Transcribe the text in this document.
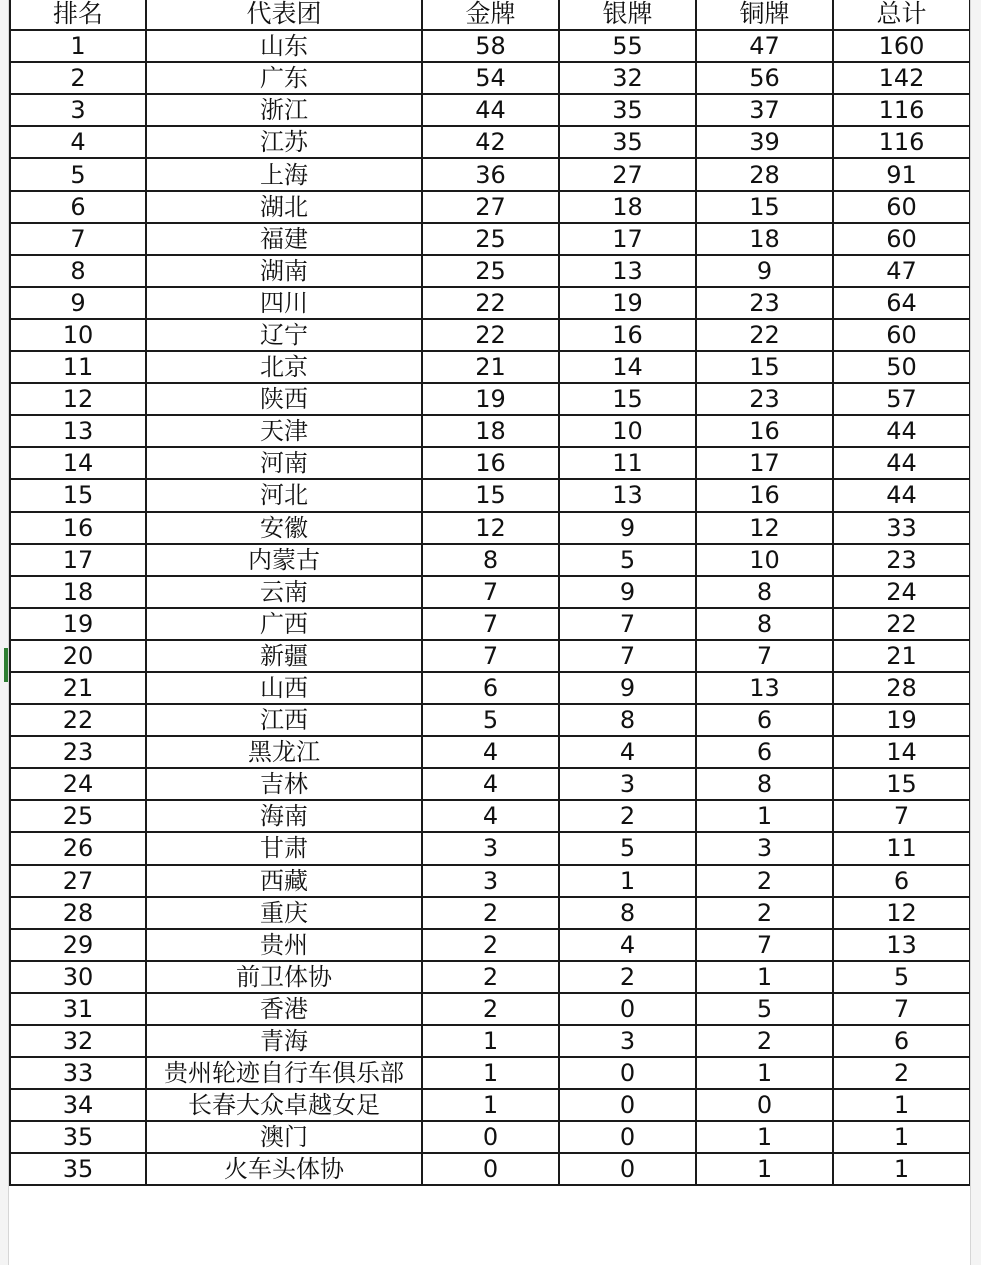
排名	代表团	金牌	银牌	铜牌	总计
1	山东	58	55	47	160
2	广东	54	32	56	142
3	浙江	44	35	37	116
4	江苏	42	35	39	116
5	上海	36	27	28	91
6	湖北	27	18	15	60
7	福建	25	17	18	60
8	湖南	25	13	9	47
9	四川	22	19	23	64
10	辽宁	22	16	22	60
11	北京	21	14	15	50
12	陕西	19	15	23	57
13	天津	18	10	16	44
14	河南	16	11	17	44
15	河北	15	13	16	44
16	安徽	12	9	12	33
17	内蒙古	8	5	10	23
18	云南	7	9	8	24
19	广西	7	7	8	22
20	新疆	7	7	7	21
21	山西	6	9	13	28
22	江西	5	8	6	19
23	黑龙江	4	4	6	14
24	吉林	4	3	8	15
25	海南	4	2	1	7
26	甘肃	3	5	3	11
27	西藏	3	1	2	6
28	重庆	2	8	2	12
29	贵州	2	4	7	13
30	前卫体协	2	2	1	5
31	香港	2	0	5	7
32	青海	1	3	2	6
33	贵州轮迹自行车俱乐部	1	0	1	2
34	长春大众卓越女足	1	0	0	1
35	澳门	0	0	1	1
35	火车头体协	0	0	1	1
